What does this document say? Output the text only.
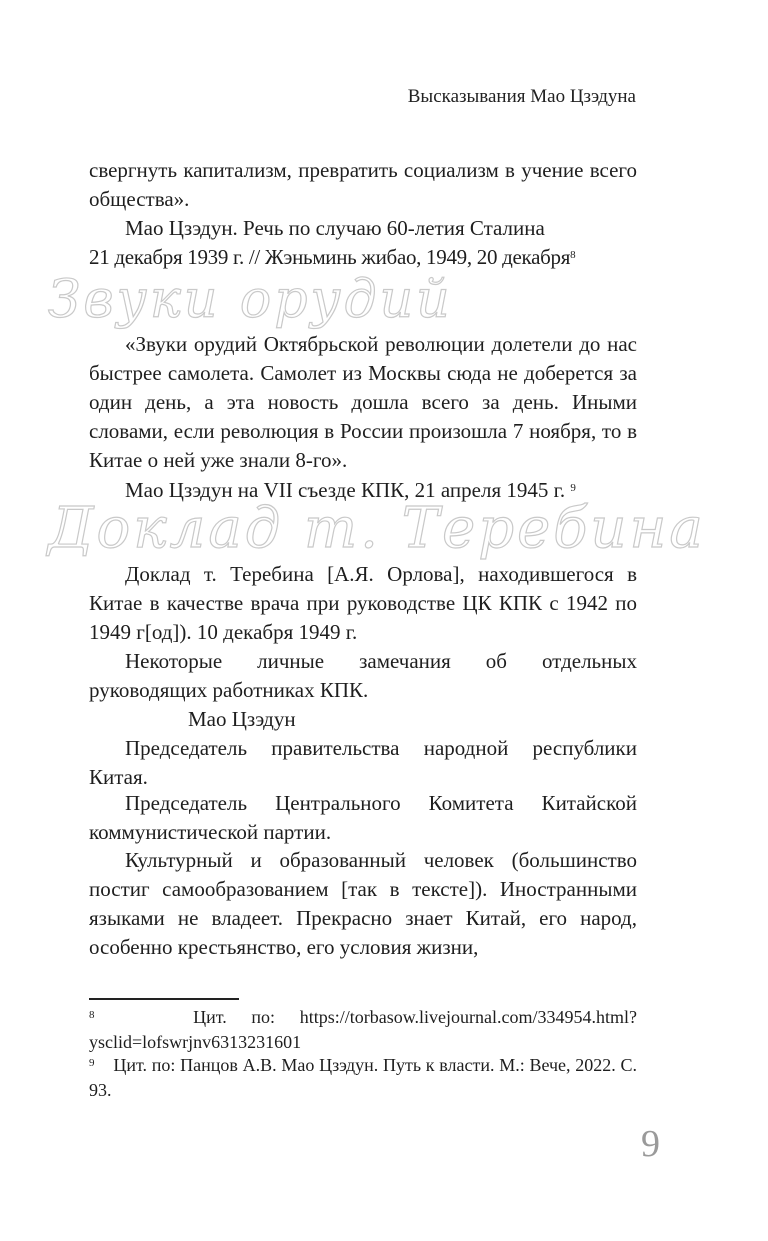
Высказывания Мао Цзэдуна

свергнуть капитализм, превратить социализм в учение всего общества».

Мао Цзэдун. Речь по случаю 60-летия Сталина
21 декабря 1939 г. // Жэньминь жибао, 1949, 20 декабря$^8$
Звуки орудий

«Звуки орудий Октябрьской революции долетели до нас быстрее самолета. Самолет из Москвы сюда не доберется за один день, а эта новость дошла всего за день. Иными словами, если революция в России произошла 7 ноября, то в Китае о ней уже знали 8-го».

Мао Цзэдун на VII съезде КПК, 21 апреля 1945 г. $^9$
Доклад т. Теребина

Доклад т. Теребина [А.Я. Орлова], находившегося в Китае в качестве врача при руководстве ЦК КПК с 1942 по 1949 г[од]). 10 декабря 1949 г.

Некоторые личные замечания об отдельных руководящих работниках КПК.

Мао Цзэдун

Председатель правительства народной республики Китая.

Председатель Центрального Комитета Китайской коммунистической партии.

Культурный и образованный человек (большинство постиг самообразованием [так в тексте]). Иностранными языками не владеет. Прекрасно знает Китай, его народ, особенно крестьянство, его условия жизни,

$^8$	Цит. по: https://torbasow.livejournal.com/334954.html?ysclid=lofswrjnv6313231601

$^9$ Цит. по: Панцов А.В. Мао Цзэдун. Путь к власти. М.: Вече, 2022. С. 93.

9
